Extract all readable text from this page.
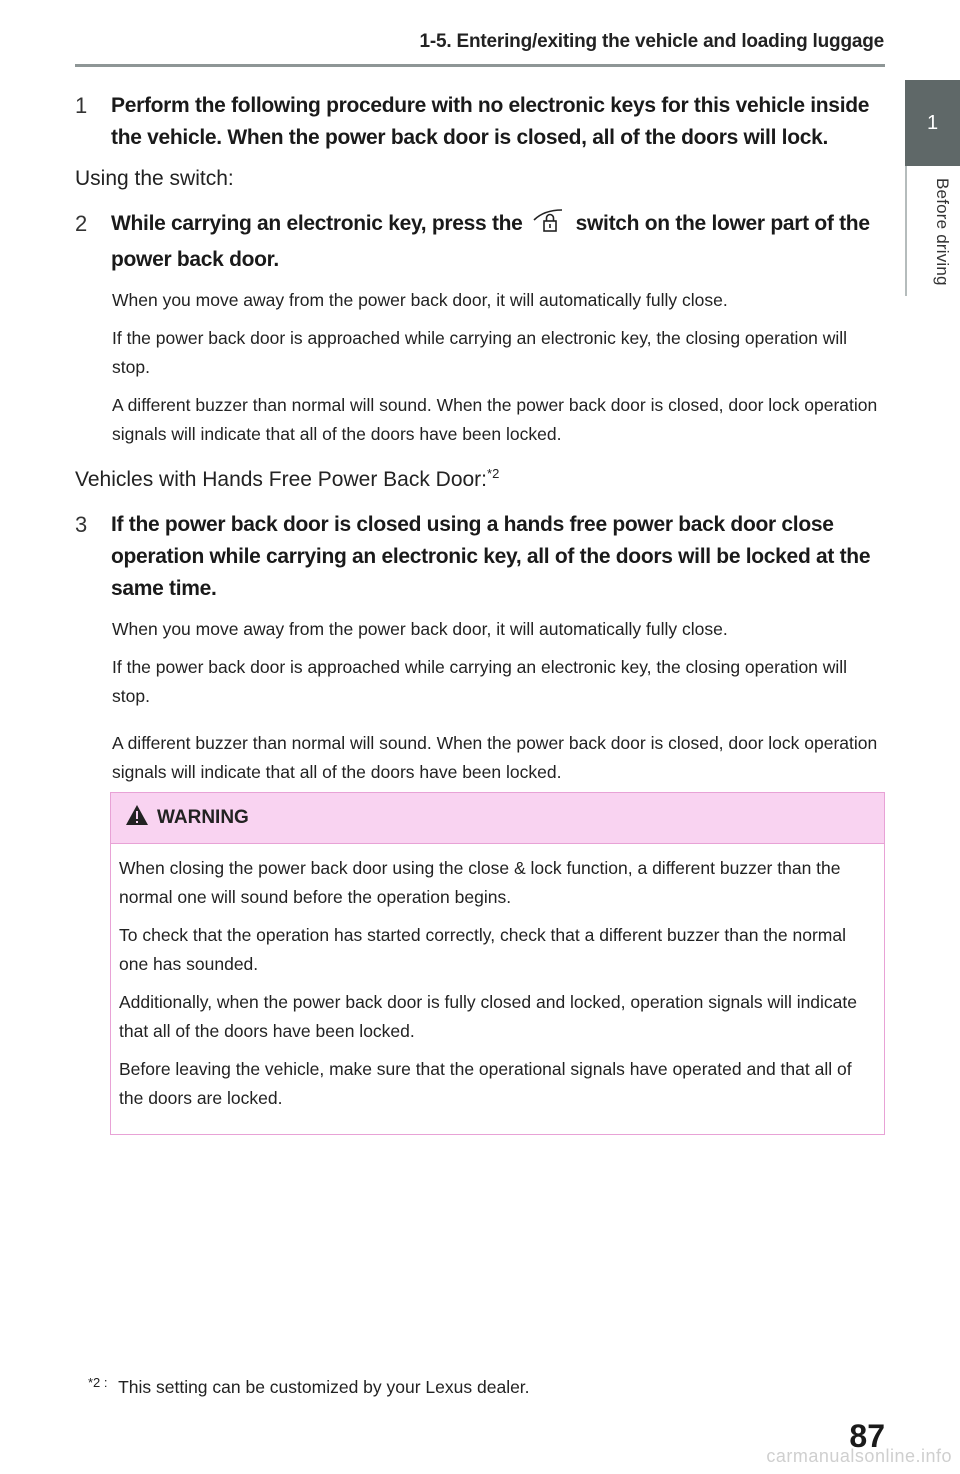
1-5. Entering/exiting the vehicle and loading luggage
1
Before driving
1	Perform the following procedure with no electronic keys for this vehicle inside the vehicle. When the power back door is closed, all of the doors will lock.
Using the switch:
2	While carrying an electronic key, press the	switch on the lower part of the power back door.
When you move away from the power back door, it will automatically fully close.
If the power back door is approached while carrying an electronic key, the closing operation will stop.
A different buzzer than normal will sound. When the power back door is closed, door lock operation signals will indicate that all of the doors have been locked.
Vehicles with Hands Free Power Back Door:$^{*2}$
3	If the power back door is closed using a hands free power back door close operation while carrying an electronic key, all of the doors will be locked at the same time.
When you move away from the power back door, it will automatically fully close.
If the power back door is approached while carrying an electronic key, the closing operation will stop.
A different buzzer than normal will sound. When the power back door is closed, door lock operation signals will indicate that all of the doors have been locked.
WARNING
When closing the power back door using the close & lock function, a different buzzer than the normal one will sound before the operation begins.
To check that the operation has started correctly, check that a different buzzer than the normal one has sounded.
Additionally, when the power back door is fully closed and locked, operation signals will indicate that all of the doors have been locked.
Before leaving the vehicle, make sure that the operational signals have operated and that all of the doors are locked.
$^{*2 :}$ This setting can be customized by your Lexus dealer.
87
carmanualsonline.info
